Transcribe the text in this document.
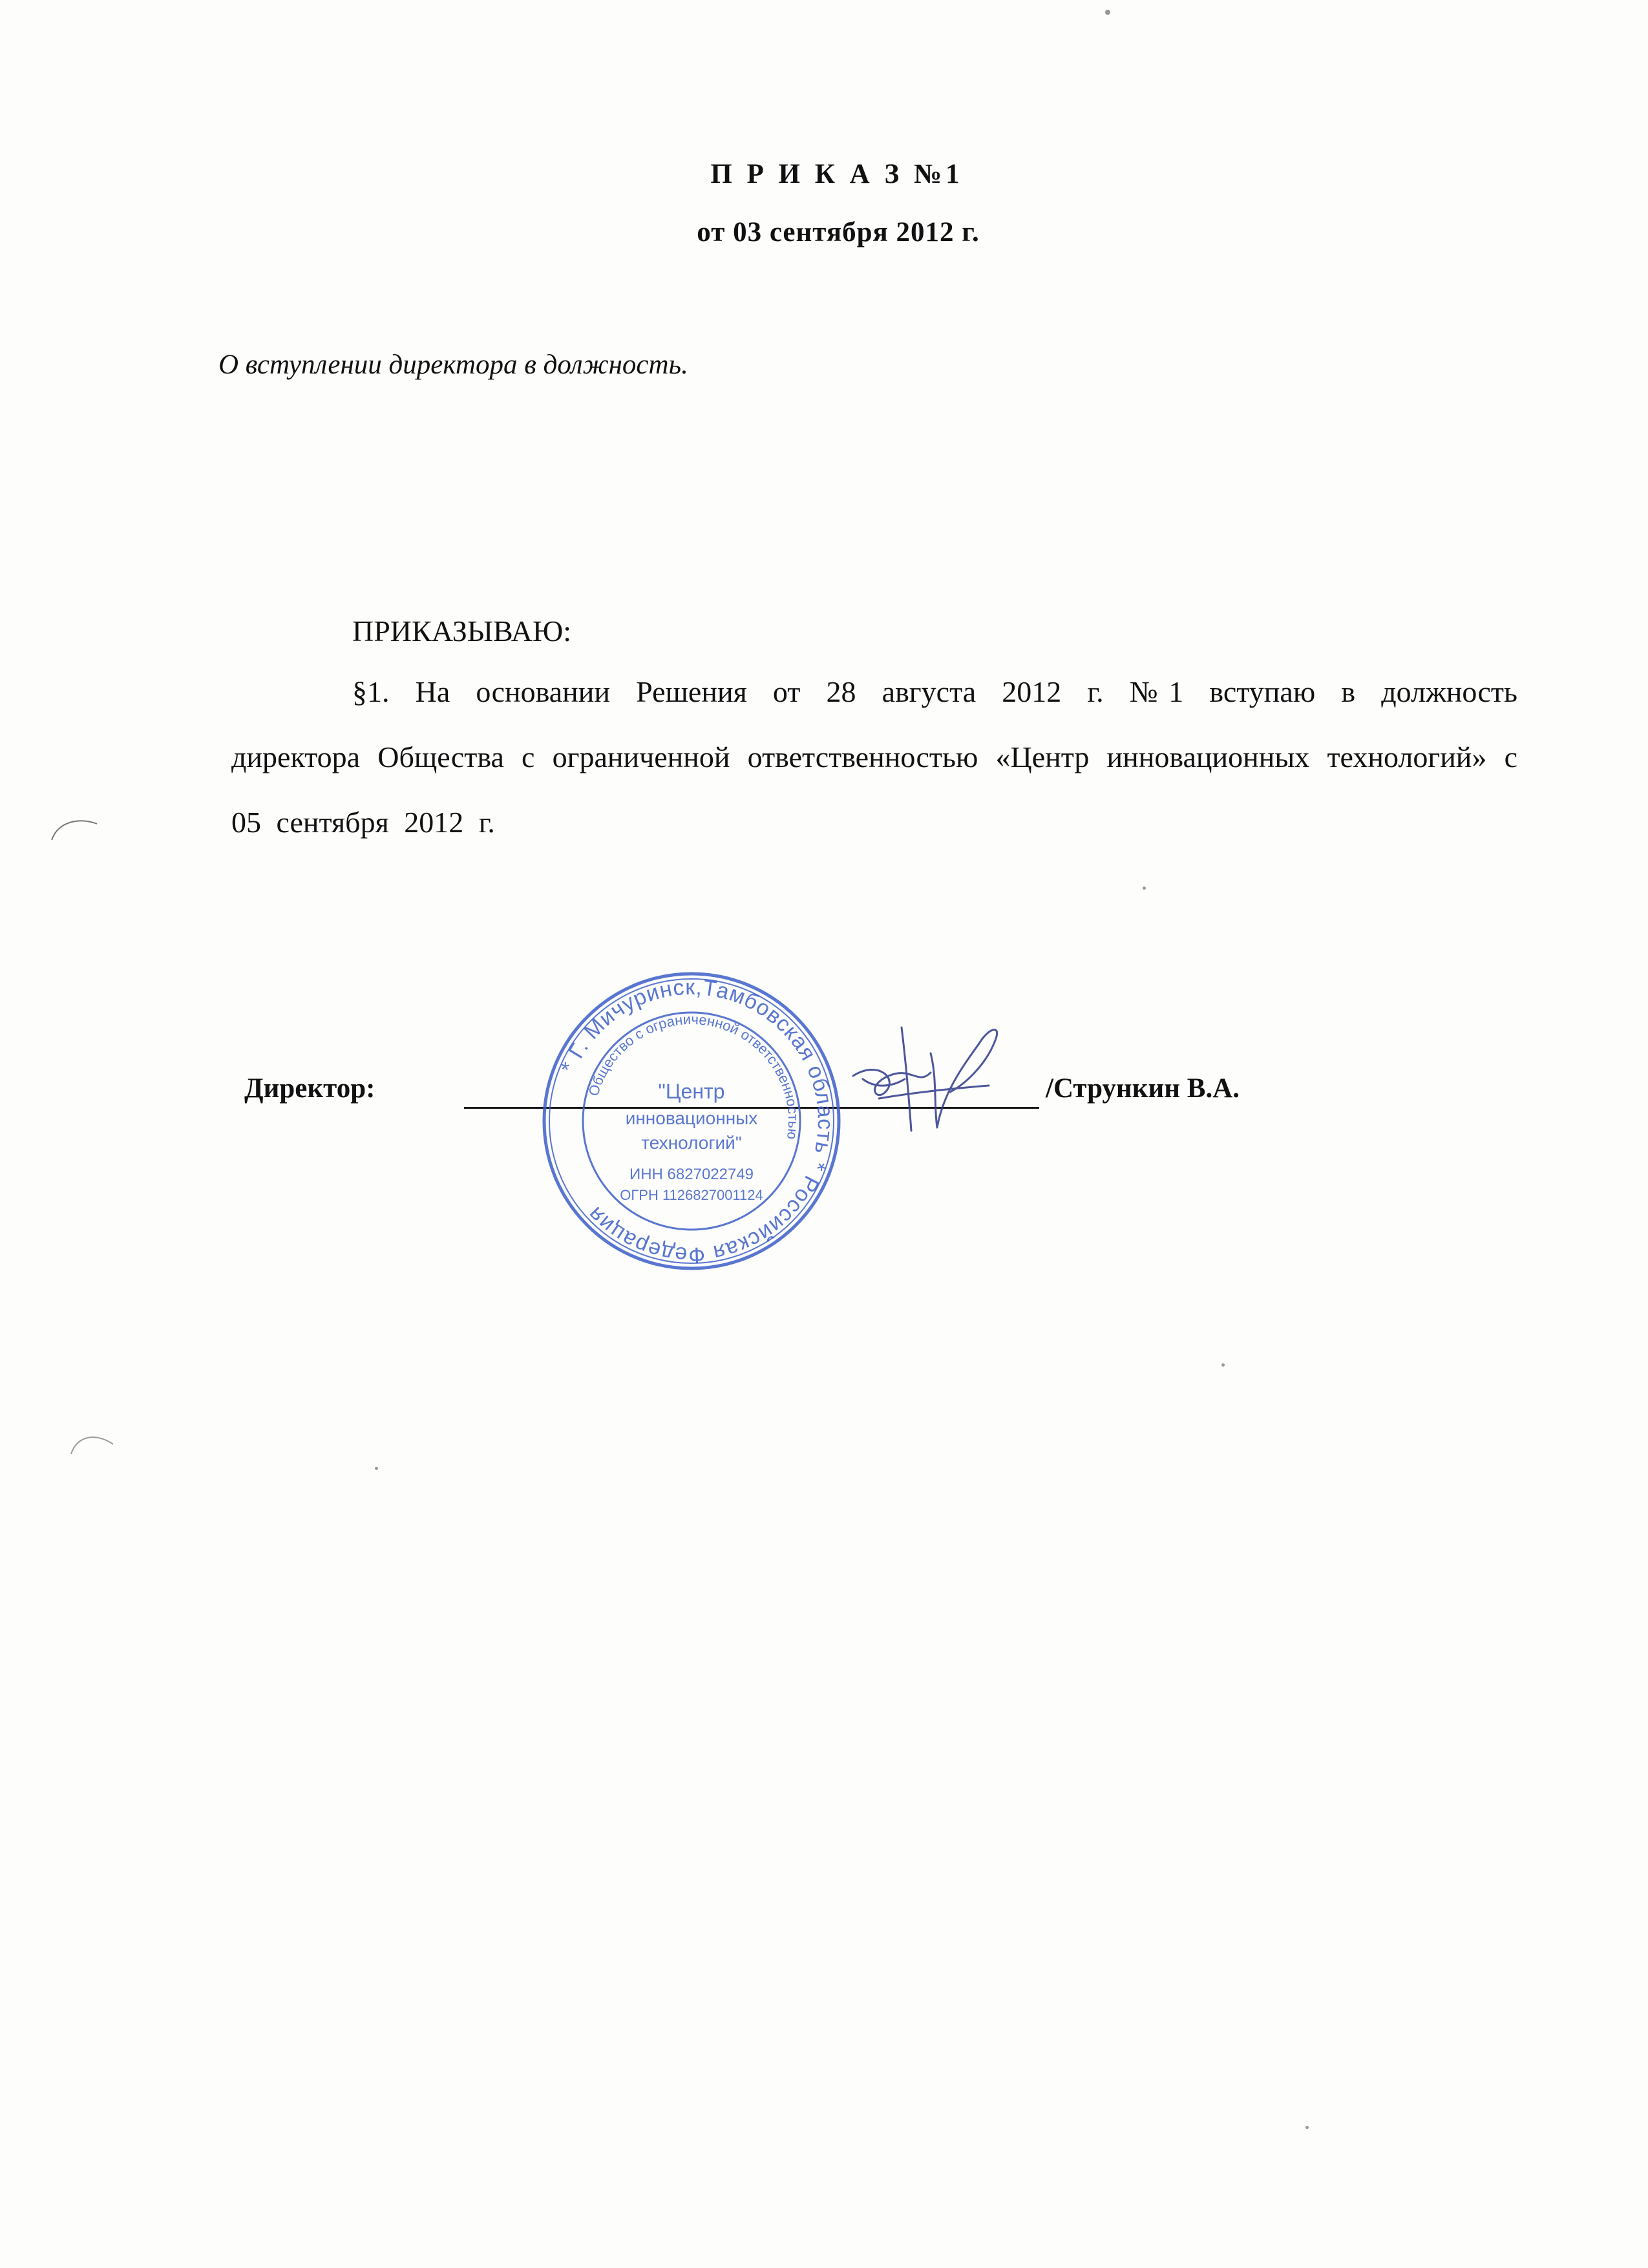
П Р И К А З №1
от 03 сентября 2012 г.
О вступлении директора в должность.
ПРИКАЗЫВАЮ:
§1. На основании Решения от 28 августа 2012 г. №1 вступаю в должность директора Общества с ограниченной ответственностью «Центр инновационных технологий» с 05 сентября 2012 г.
Директор:	/Стрункин В.А.
* Г. Мичуринск,Тамбовская область * Российская Федерация
Общество с ограниченной ответственностью
"Центр
инновационных
технологий"
ИНН 6827022749
ОГРН 1126827001124
